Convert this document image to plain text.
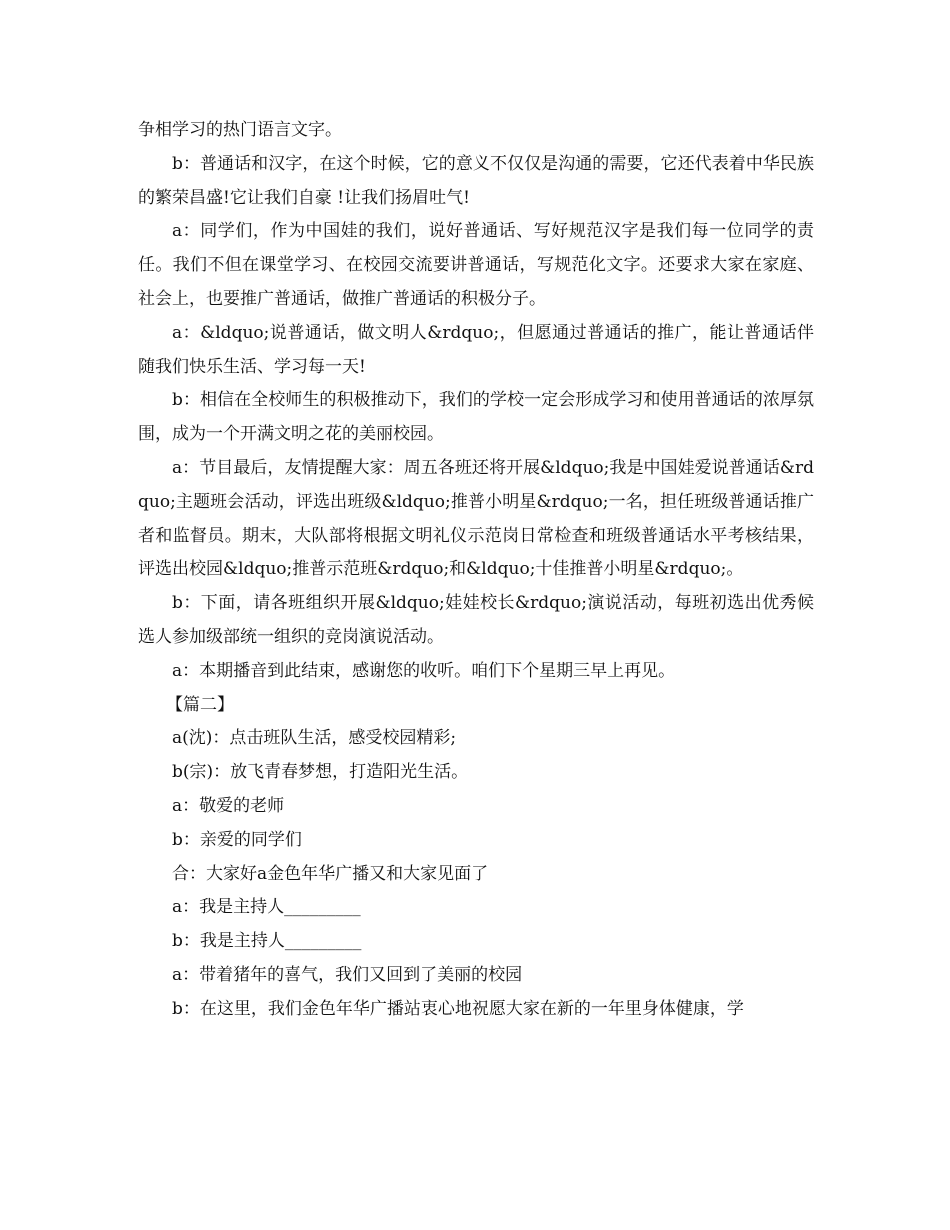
争相学习的热门语言文字。

b：普通话和汉字，在这个时候，它的意义不仅仅是沟通的需要，它还代表着中华民族的繁荣昌盛!它让我们自豪 !让我们扬眉吐气!

a：同学们，作为中国娃的我们，说好普通话、写好规范汉字是我们每一位同学的责任。我们不但在课堂学习、在校园交流要讲普通话，写规范化文字。还要求大家在家庭、社会上，也要推广普通话，做推广普通话的积极分子。

a：&ldquo;说普通话，做文明人&rdquo;，但愿通过普通话的推广，能让普通话伴随我们快乐生活、学习每一天!

b：相信在全校师生的积极推动下，我们的学校一定会形成学习和使用普通话的浓厚氛围，成为一个开满文明之花的美丽校园。

a：节目最后，友情提醒大家：周五各班还将开展&ldquo;我是中国娃爱说普通话&rdquo;主题班会活动，评选出班级&ldquo;推普小明星&rdquo;一名，担任班级普通话推广者和监督员。期末，大队部将根据文明礼仪示范岗日常检查和班级普通话水平考核结果，评选出校园&ldquo;推普示范班&rdquo;和&ldquo;十佳推普小明星&rdquo;。

b：下面，请各班组织开展&ldquo;娃娃校长&rdquo;演说活动，每班初选出优秀候选人参加级部统一组织的竞岗演说活动。

a：本期播音到此结束，感谢您的收听。咱们下个星期三早上再见。

【篇二】

a(沈)：点击班队生活，感受校园精彩;

b(宗)：放飞青春梦想，打造阳光生活。

a：敬爱的老师

b：亲爱的同学们

合：大家好a金色年华广播又和大家见面了

a：我是主持人_________

b：我是主持人_________

a：带着猪年的喜气，我们又回到了美丽的校园

b：在这里，我们金色年华广播站衷心地祝愿大家在新的一年里身体健康，学
